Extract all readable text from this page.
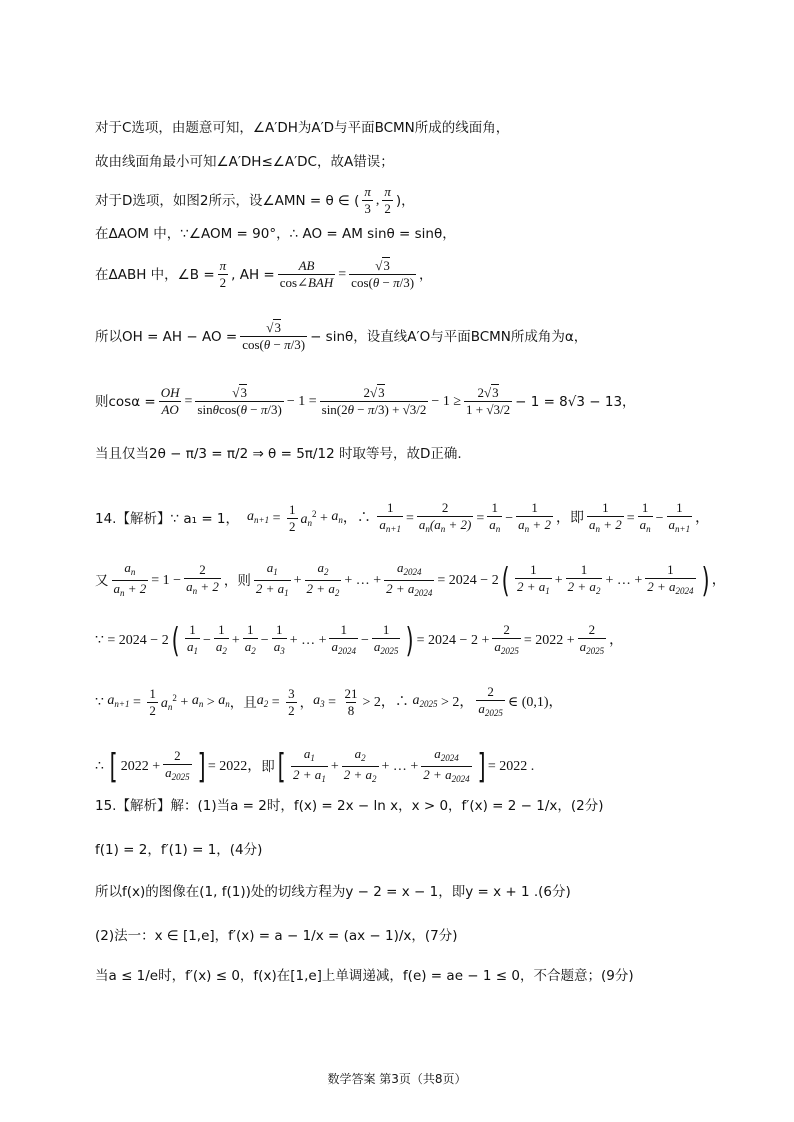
对于C选项，由题意可知，∠A′DH为A′D与平面BCMN所成的线面角，
故由线面角最小可知∠A′DH≤∠A′DC，故A错误；
对于D选项，如图2所示，设∠AMN = θ ∈ ( $\frac{\pi}{3}$ , $\frac{\pi}{2}$ )，
在ΔAOM 中，∵∠AOM = 90°，∴ AO = AM sinθ = sinθ，
在ΔABH 中，∠B = $\frac{\pi}{2}$ , AH = $\frac{AB}{\text{cos∠BAH}} = \frac{√3}{\cos(\theta - \pi/3)}$ ，
所以OH = AH − AO = $\frac{√3}{\cos(\theta - \pi/3)} - \sin\theta$，设直线A′O与平面BCMN所成角为α，
则$\cos\alpha = \frac{OH}{AO} = \frac{√3}{\sin\theta\cos(\theta - \pi/3)} - 1 = \frac{2√3}{\sin(2\theta - \pi/3) + √3/2} - 1 \ge \frac{2√3}{1 + √3/2} - 1 = 8√3 - 13$，
当且仅当2θ − π/3 = π/2 ⇒ θ = 5π/12 时取等号，故D正确.
14.【解析】∵ a₁ = 1， $a_{n+1} = \frac{1}{2} a_n^2 + a_n$ ，∴ $\frac{1}{a_{n+1}} = \frac{2}{a_n(a_n + 2)} = \frac{1}{a_n} - \frac{1}{a_n + 2}$ ，即 $\frac{1}{a_n + 2} = \frac{1}{a_n} - \frac{1}{a_{n+1}}$ ，
又 $\frac{a_n}{a_n + 2} = 1 - \frac{2}{a_n + 2}$ ，则 $\frac{a_1}{2 + a_1} + \frac{a_2}{2 + a_2}$ + … + $\frac{a_{2024}}{2 + a_{2024}} = 2024 - 2$ ( $\frac{1}{2 + a_1} + \frac{1}{2 + a_2}$ + … + $\frac{1}{2 + a_{2024}}$ ) ，
∵ = 2024 − 2 ( $\frac{1}{a_1} - \frac{1}{a_2} + \frac{1}{a_2} - \frac{1}{a_3}$ + … + $\frac{1}{a_{2024}} - \frac{1}{a_{2025}}$ ) = $2024 - 2 + \frac{2}{a_{2025}} = 2022 + \frac{2}{a_{2025}}$ ，
∵ $a_{n+1} = \frac{1}{2} a_n^2 + a_n > a_n$ ，且 $a_2 = \frac{3}{2}$ ， $a_3 = \frac{21}{8} > 2$，∴ $a_{2025} > 2$， $\frac{2}{a_{2025}}$ ∈ (0,1)，
∴ [ $2022 + \frac{2}{a_{2025}}$ ] = 2022， 即 [ $\frac{a_1}{2 + a_1} + \frac{a_2}{2 + a_2}$ + … + $\frac{a_{2024}}{2 + a_{2024}}$ ] = 2022 .
15.【解析】解：(1)当a = 2时，f(x) = 2x − ln x，x > 0，f′(x) = 2 − 1/x，(2分)
f(1) = 2，f′(1) = 1，(4分)
所以f(x)的图像在(1, f(1))处的切线方程为y − 2 = x − 1，即y = x + 1 .(6分)
(2)法一：x ∈ [1,e]，f′(x) = a − 1/x = (ax − 1)/x，(7分)
当a ≤ 1/e时，f′(x) ≤ 0，f(x)在[1,e]上单调递减，f(e) = ae − 1 ≤ 0，不合题意；(9分)
数学答案 第3页（共8页）
